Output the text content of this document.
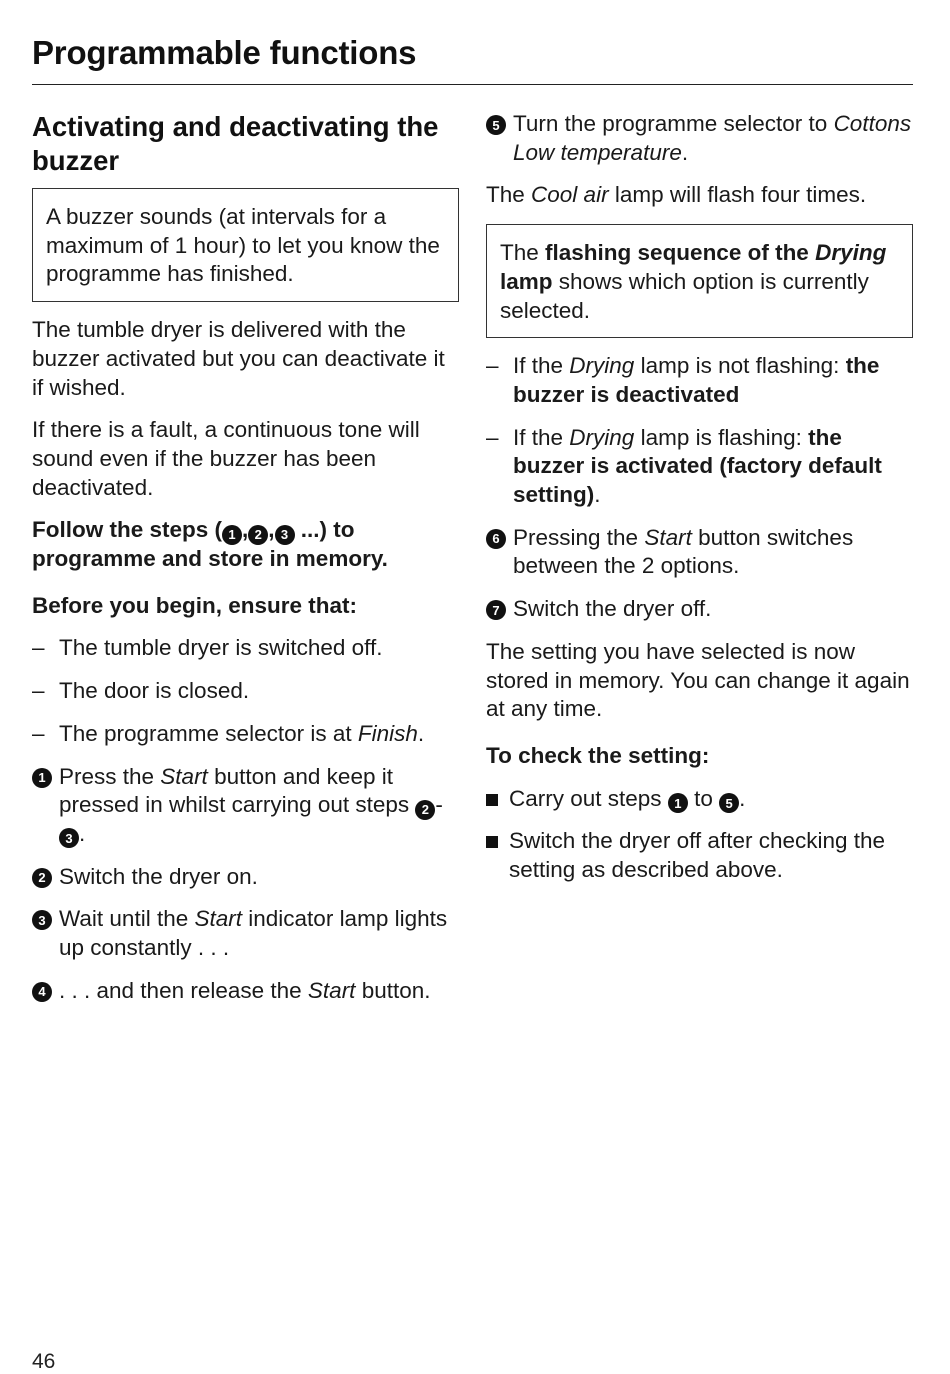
Programmable functions
Activating and deactivating the buzzer
A buzzer sounds (at intervals for a maximum of 1 hour) to let you know the programme has finished.

The tumble dryer is delivered with the buzzer activated but you can deactivate it if wished.

If there is a fault, a continuous tone will sound even if the buzzer has been deactivated.

Follow the steps ( 1 , 2 , 3 ...) to programme and store in memory.

Before you begin, ensure that:

– The tumble dryer is switched off.
– The door is closed.
– The programme selector is at Finish.
1 Press the Start button and keep it pressed in whilst carrying out steps 2 -3 .
2 Switch the dryer on.
3 Wait until the Start indicator lamp lights up constantly . . .
4 . . . and then release the Start button.
5 Turn the programme selector to Cottons Low temperature.

The Cool air lamp will flash four times.

The flashing sequence of the Drying lamp shows which option is currently selected.
– If the Drying lamp is not flashing: the buzzer is deactivated
– If the Drying lamp is flashing: the buzzer is activated (factory default setting).
6 Pressing the Start button switches between the 2 options.
7 Switch the dryer off.

The setting you have selected is now stored in memory. You can change it again at any time.

To check the setting:

Carry out steps 1 to 5 .
Switch the dryer off after checking the setting as described above.
46
